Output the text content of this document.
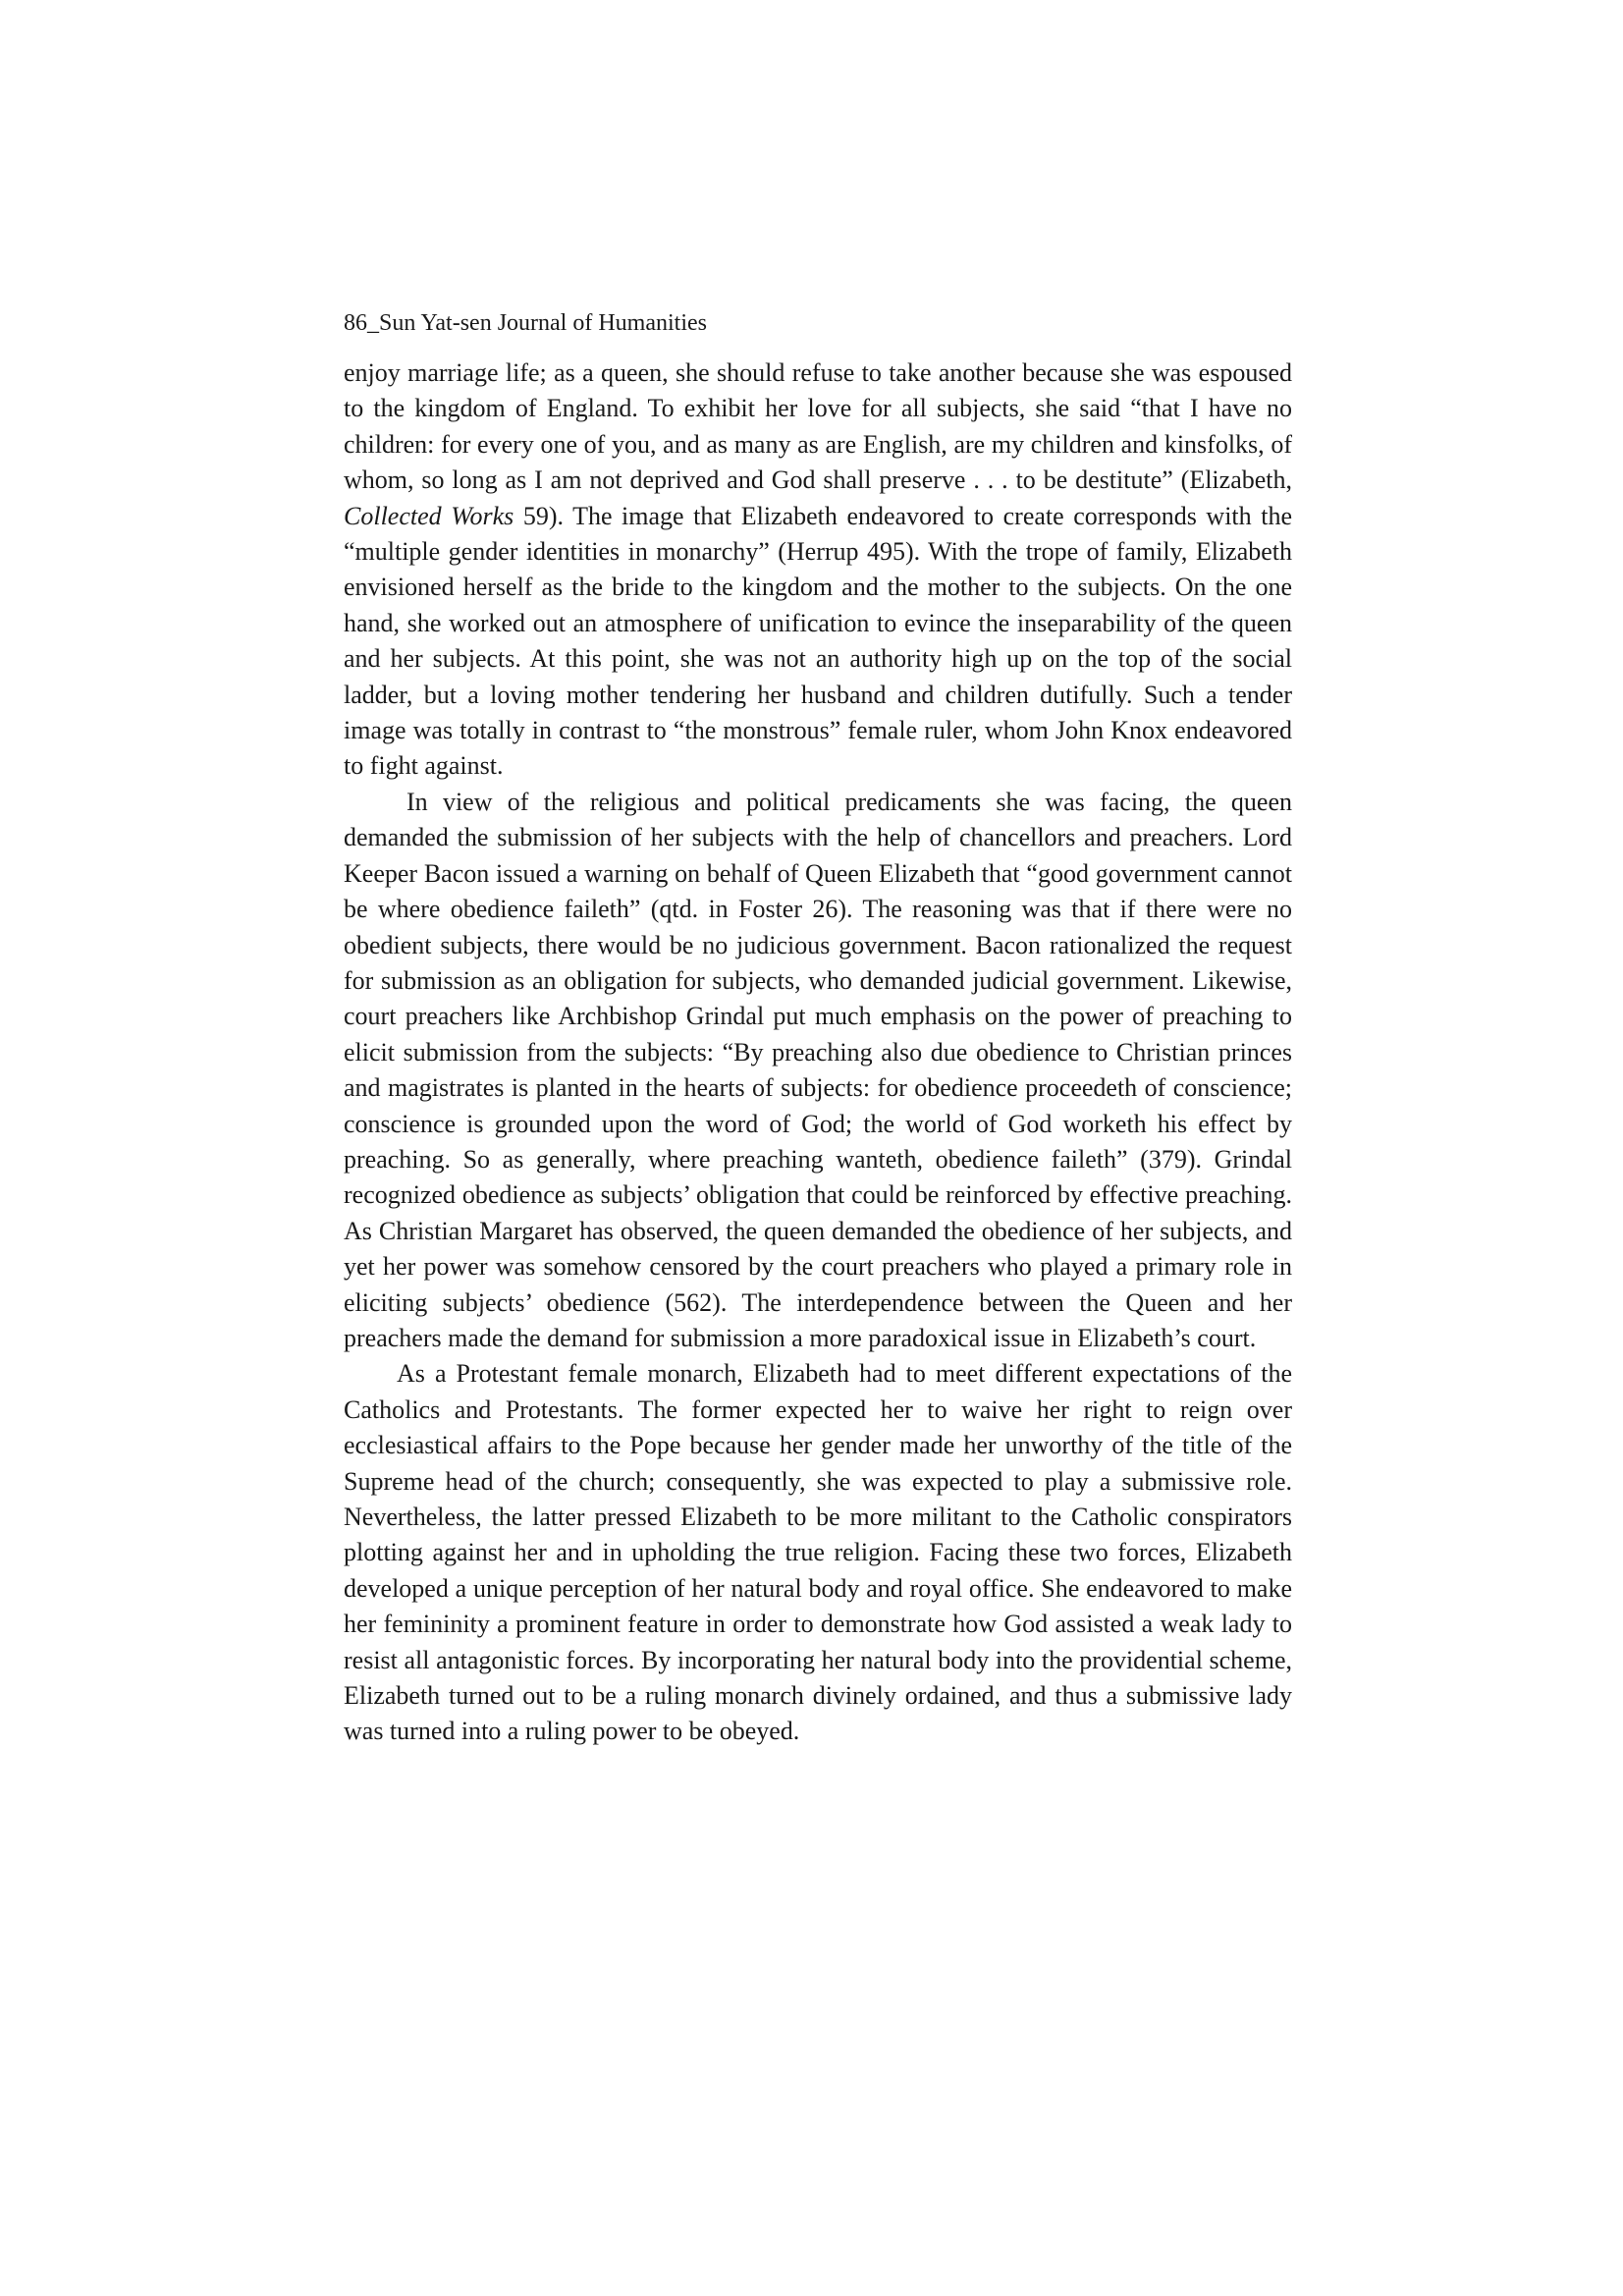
86_Sun Yat-sen Journal of Humanities

enjoy marriage life; as a queen, she should refuse to take another because she was espoused to the kingdom of England. To exhibit her love for all subjects, she said “that I have no children: for every one of you, and as many as are English, are my children and kinsfolks, of whom, so long as I am not deprived and God shall preserve . . . to be destitute” (Elizabeth, Collected Works 59). The image that Elizabeth endeavored to create corresponds with the “multiple gender identities in monarchy” (Herrup 495). With the trope of family, Elizabeth envisioned herself as the bride to the kingdom and the mother to the subjects. On the one hand, she worked out an atmosphere of unification to evince the inseparability of the queen and her subjects. At this point, she was not an authority high up on the top of the social ladder, but a loving mother tendering her husband and children dutifully. Such a tender image was totally in contrast to “the monstrous” female ruler, whom John Knox endeavored to fight against.

In view of the religious and political predicaments she was facing, the queen demanded the submission of her subjects with the help of chancellors and preachers. Lord Keeper Bacon issued a warning on behalf of Queen Elizabeth that “good government cannot be where obedience faileth” (qtd. in Foster 26). The reasoning was that if there were no obedient subjects, there would be no judicious government. Bacon rationalized the request for submission as an obligation for subjects, who demanded judicial government. Likewise, court preachers like Archbishop Grindal put much emphasis on the power of preaching to elicit submission from the subjects: “By preaching also due obedience to Christian princes and magistrates is planted in the hearts of subjects: for obedience proceedeth of conscience; conscience is grounded upon the word of God; the world of God worketh his effect by preaching. So as generally, where preaching wanteth, obedience faileth” (379). Grindal recognized obedience as subjects’ obligation that could be reinforced by effective preaching. As Christian Margaret has observed, the queen demanded the obedience of her subjects, and yet her power was somehow censored by the court preachers who played a primary role in eliciting subjects’ obedience (562). The interdependence between the Queen and her preachers made the demand for submission a more paradoxical issue in Elizabeth’s court.

As a Protestant female monarch, Elizabeth had to meet different expectations of the Catholics and Protestants. The former expected her to waive her right to reign over ecclesiastical affairs to the Pope because her gender made her unworthy of the title of the Supreme head of the church; consequently, she was expected to play a submissive role. Nevertheless, the latter pressed Elizabeth to be more militant to the Catholic conspirators plotting against her and in upholding the true religion. Facing these two forces, Elizabeth developed a unique perception of her natural body and royal office. She endeavored to make her femininity a prominent feature in order to demonstrate how God assisted a weak lady to resist all antagonistic forces. By incorporating her natural body into the providential scheme, Elizabeth turned out to be a ruling monarch divinely ordained, and thus a submissive lady was turned into a ruling power to be obeyed.
